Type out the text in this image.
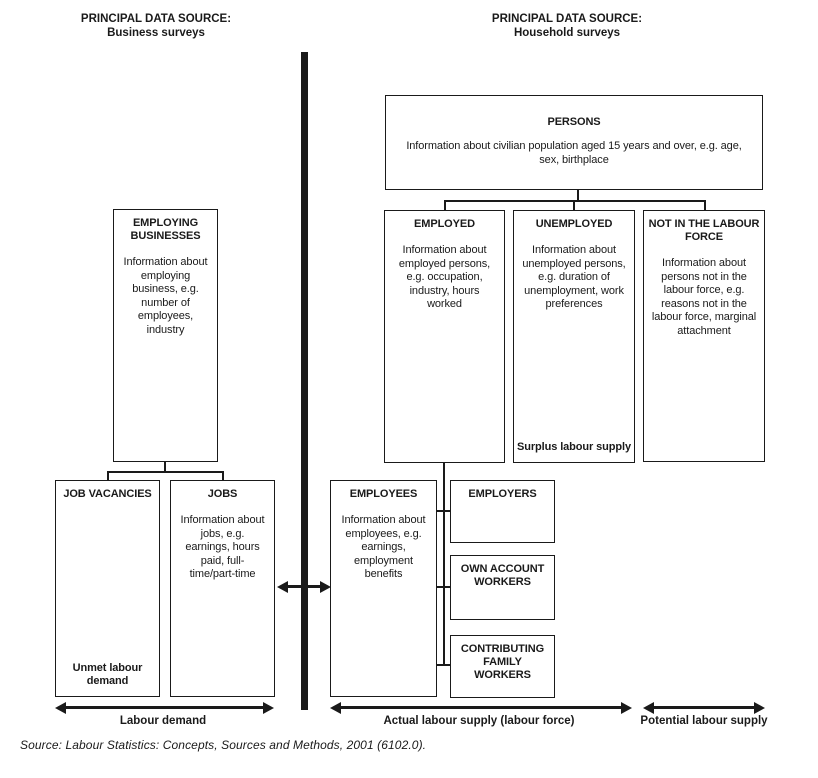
PRINCIPAL DATA SOURCE:
Business surveys
PRINCIPAL DATA SOURCE:
Household surveys
PERSONS
Information about civilian population aged 15 years and over, e.g. age, sex, birthplace
EMPLOYING BUSINESSES
Information about employing business, e.g. number of employees, industry
EMPLOYED
Information about employed persons, e.g. occupation, industry, hours worked
UNEMPLOYED
Information about unemployed persons, e.g. duration of unemployment, work preferences
Surplus labour supply
NOT IN THE LABOUR FORCE
Information about persons not in the labour force, e.g. reasons not in the labour force, marginal attachment
JOB VACANCIES
Unmet labour demand
JOBS
Information about jobs, e.g. earnings, hours paid, full-time/part-time
EMPLOYEES
Information about employees, e.g. earnings, employment benefits
EMPLOYERS
OWN ACCOUNT WORKERS
CONTRIBUTING FAMILY WORKERS
Labour demand	Actual labour supply (labour force)	Potential labour supply
Source: Labour Statistics: Concepts, Sources and Methods, 2001 (6102.0).
